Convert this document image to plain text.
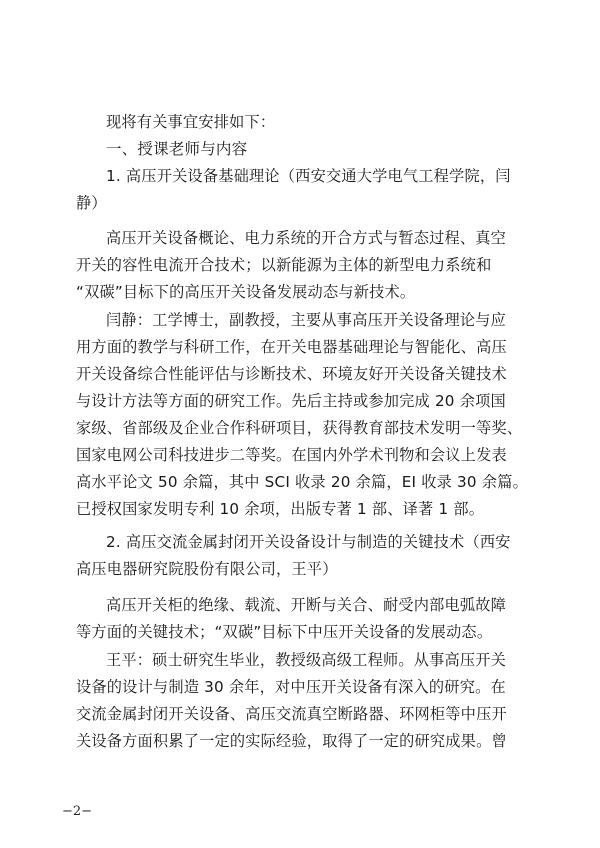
现将有关事宜安排如下：
一、授课老师与内容
1. 高压开关设备基础理论（西安交通大学电气工程学院，闫
静）
高压开关设备概论、电力系统的开合方式与暂态过程、真空
开关的容性电流开合技术；以新能源为主体的新型电力系统和
“双碳”目标下的高压开关设备发展动态与新技术。
闫静：工学博士，副教授，主要从事高压开关设备理论与应
用方面的教学与科研工作，在开关电器基础理论与智能化、高压
开关设备综合性能评估与诊断技术、环境友好开关设备关键技术
与设计方法等方面的研究工作。先后主持或参加完成 20 余项国
家级、省部级及企业合作科研项目，获得教育部技术发明一等奖、
国家电网公司科技进步二等奖。在国内外学术刊物和会议上发表
高水平论文 50 余篇，其中 SCI 收录 20 余篇，EI 收录 30 余篇。
已授权国家发明专利 10 余项，出版专著 1 部、译著 1 部。
2. 高压交流金属封闭开关设备设计与制造的关键技术（西安
高压电器研究院股份有限公司，王平）
高压开关柜的绝缘、载流、开断与关合、耐受内部电弧故障
等方面的关键技术；“双碳”目标下中压开关设备的发展动态。
王平：硕士研究生毕业，教授级高级工程师。从事高压开关
设备的设计与制造 30 余年，对中压开关设备有深入的研究。在
交流金属封闭开关设备、高压交流真空断路器、环网柜等中压开
关设备方面积累了一定的实际经验，取得了一定的研究成果。曾
−2−
